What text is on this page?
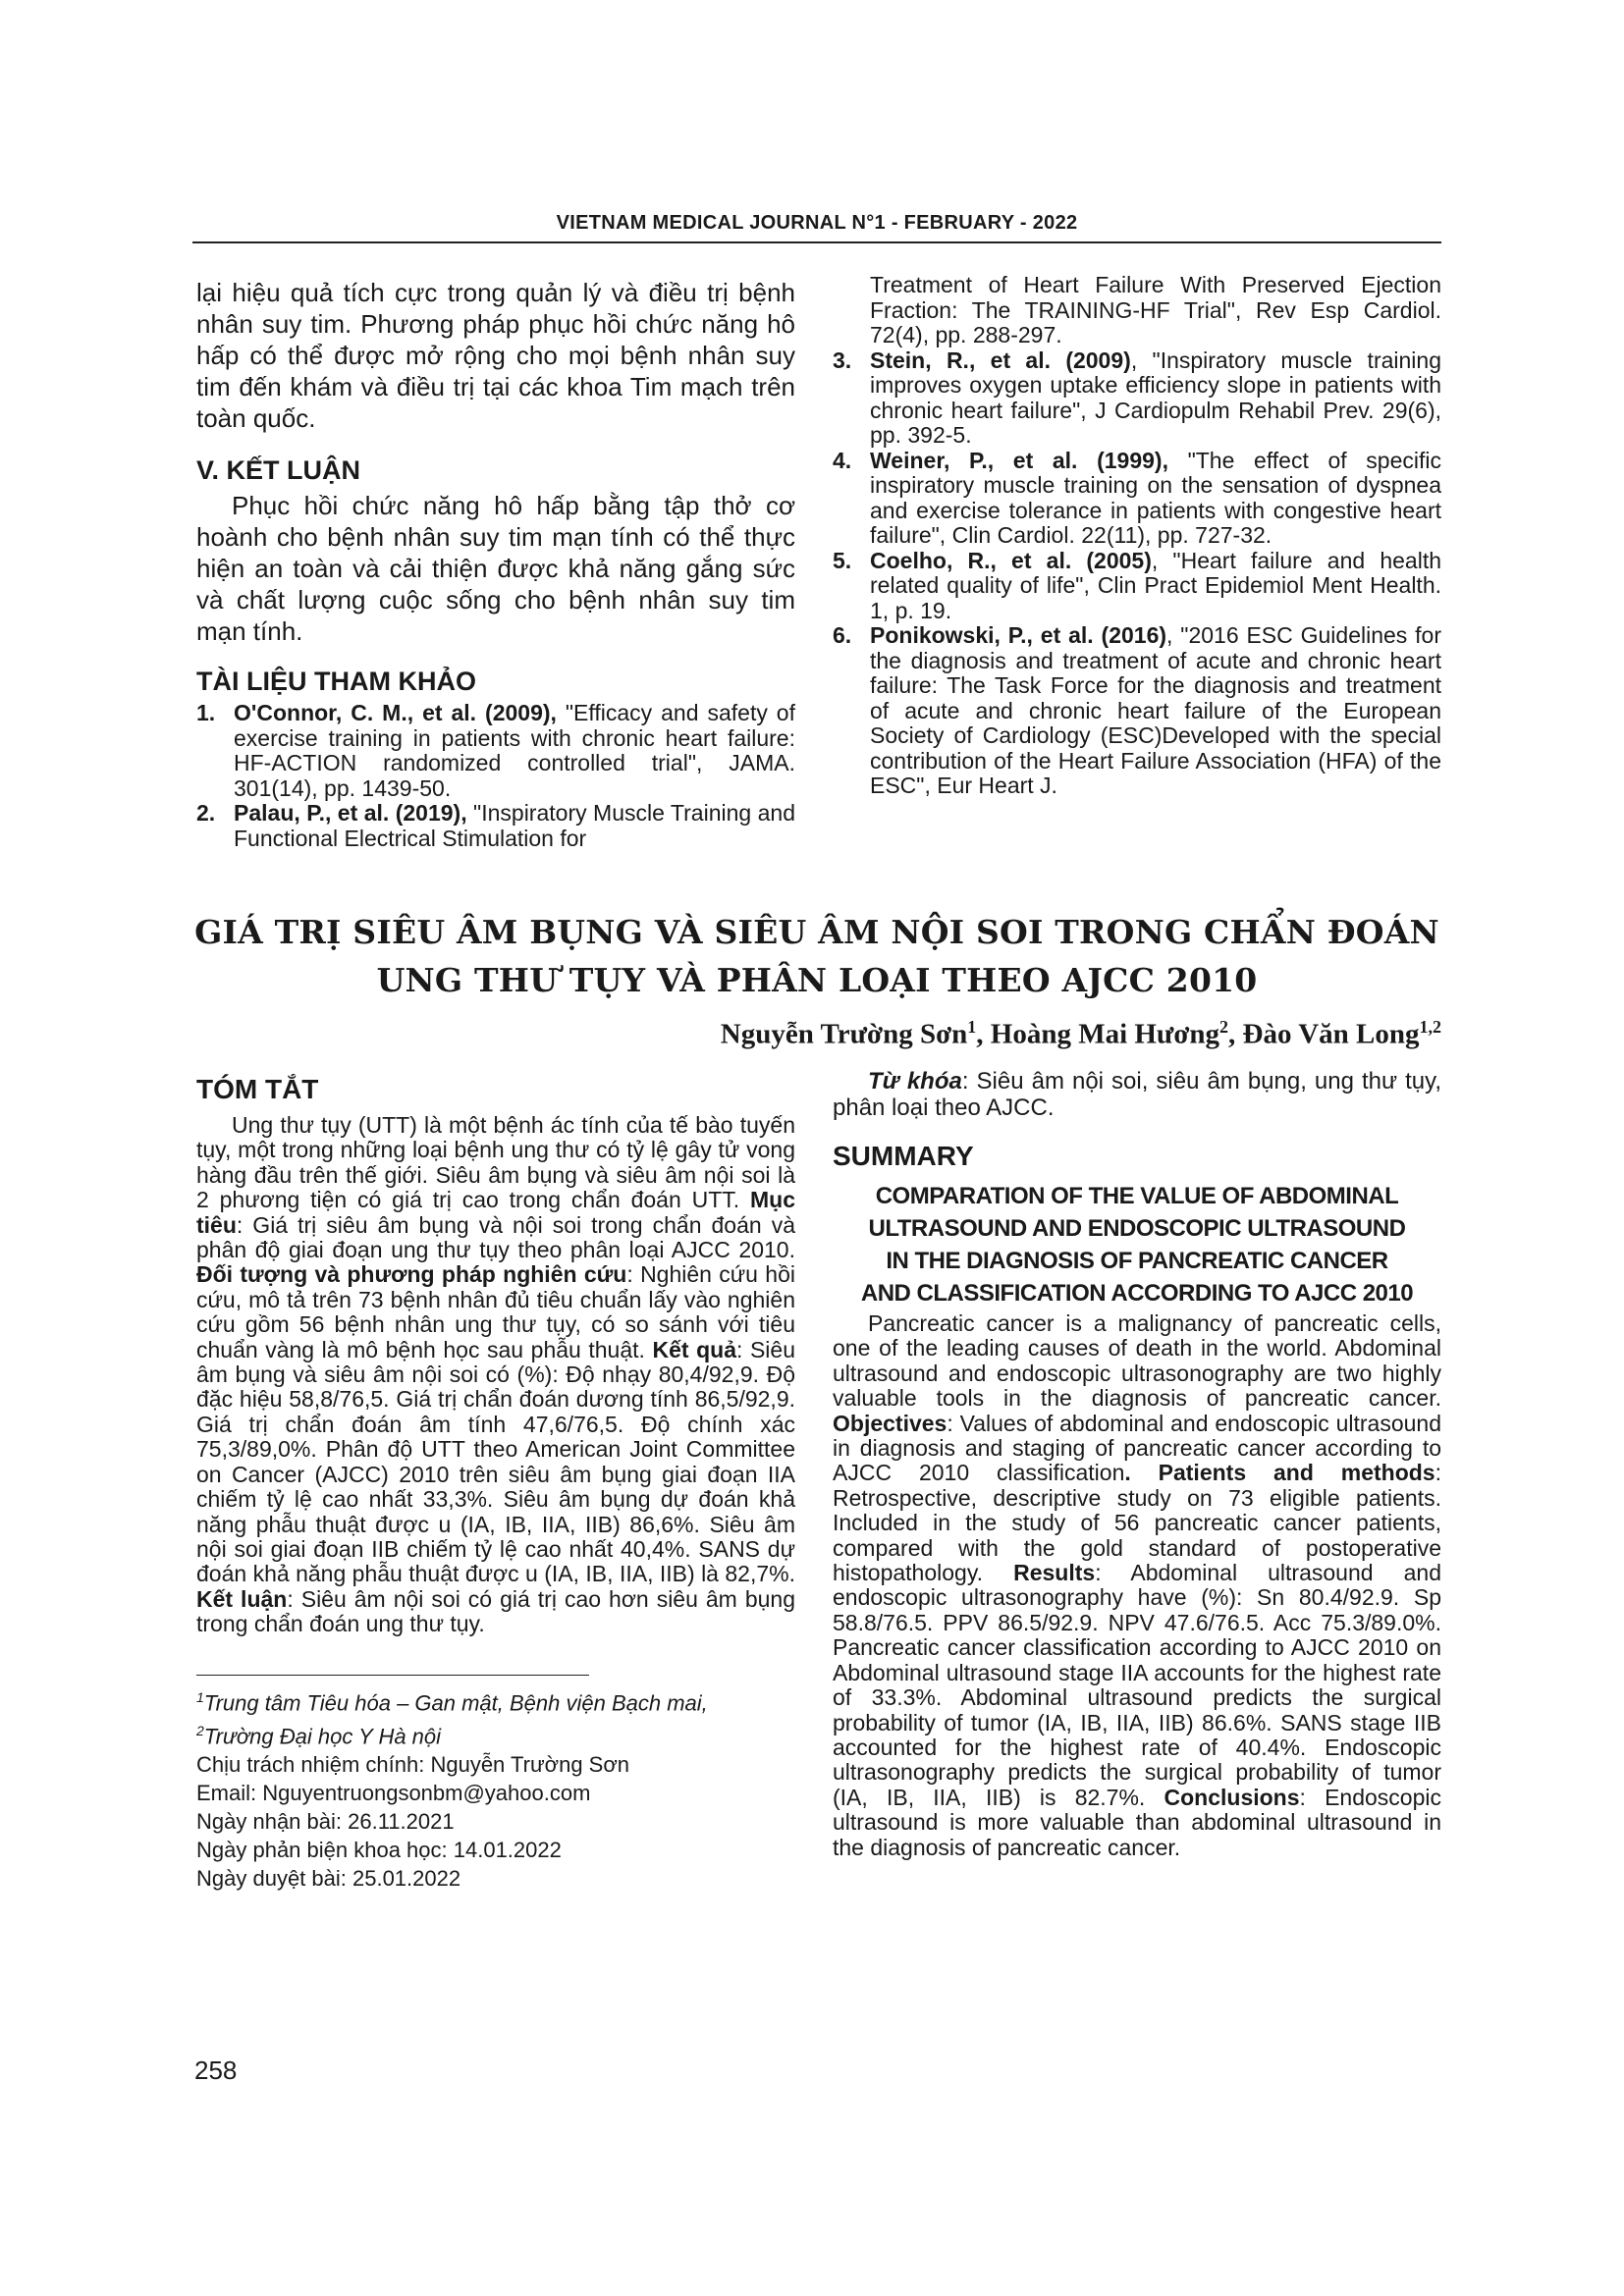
VIETNAM MEDICAL JOURNAL N°1 - FEBRUARY - 2022

lại hiệu quả tích cực trong quản lý và điều trị bệnh nhân suy tim. Phương pháp phục hồi chức năng hô hấp có thể được mở rộng cho mọi bệnh nhân suy tim đến khám và điều trị tại các khoa Tim mạch trên toàn quốc.

V. KẾT LUẬN

Phục hồi chức năng hô hấp bằng tập thở cơ hoành cho bệnh nhân suy tim mạn tính có thể thực hiện an toàn và cải thiện được khả năng gắng sức và chất lượng cuộc sống cho bệnh nhân suy tim mạn tính.

TÀI LIỆU THAM KHẢO
1. O'Connor, C. M., et al. (2009), "Efficacy and safety of exercise training in patients with chronic heart failure: HF-ACTION randomized controlled trial", JAMA. 301(14), pp. 1439-50.
2. Palau, P., et al. (2019), "Inspiratory Muscle Training and Functional Electrical Stimulation for
Treatment of Heart Failure With Preserved Ejection Fraction: The TRAINING-HF Trial", Rev Esp Cardiol. 72(4), pp. 288-297.
3. Stein, R., et al. (2009), "Inspiratory muscle training improves oxygen uptake efficiency slope in patients with chronic heart failure", J Cardiopulm Rehabil Prev. 29(6), pp. 392-5.
4. Weiner, P., et al. (1999), "The effect of specific inspiratory muscle training on the sensation of dyspnea and exercise tolerance in patients with congestive heart failure", Clin Cardiol. 22(11), pp. 727-32.
5. Coelho, R., et al. (2005), "Heart failure and health related quality of life", Clin Pract Epidemiol Ment Health. 1, p. 19.
6. Ponikowski, P., et al. (2016), "2016 ESC Guidelines for the diagnosis and treatment of acute and chronic heart failure: The Task Force for the diagnosis and treatment of acute and chronic heart failure of the European Society of Cardiology (ESC)Developed with the special contribution of the Heart Failure Association (HFA) of the ESC", Eur Heart J.
GIÁ TRỊ SIÊU ÂM BỤNG VÀ SIÊU ÂM NỘI SOI TRONG CHẨN ĐOÁN
UNG THƯ TỤY VÀ PHÂN LOẠI THEO AJCC 2010
Nguyễn Trường Sơn$^1$, Hoàng Mai Hương$^2$, Đào Văn Long$^{1,2}$
TÓM TẮT

Ung thư tụy (UTT) là một bệnh ác tính của tế bào tuyến tụy, một trong những loại bệnh ung thư có tỷ lệ gây tử vong hàng đầu trên thế giới. Siêu âm bụng và siêu âm nội soi là 2 phương tiện có giá trị cao trong chẩn đoán UTT. Mục tiêu: Giá trị siêu âm bụng và nội soi trong chẩn đoán và phân độ giai đoạn ung thư tụy theo phân loại AJCC 2010. Đối tượng và phương pháp nghiên cứu: Nghiên cứu hồi cứu, mô tả trên 73 bệnh nhân đủ tiêu chuẩn lấy vào nghiên cứu gồm 56 bệnh nhân ung thư tụy, có so sánh với tiêu chuẩn vàng là mô bệnh học sau phẫu thuật. Kết quả: Siêu âm bụng và siêu âm nội soi có (%): Độ nhạy 80,4/92,9. Độ đặc hiệu 58,8/76,5. Giá trị chẩn đoán dương tính 86,5/92,9. Giá trị chẩn đoán âm tính 47,6/76,5. Độ chính xác 75,3/89,0%. Phân độ UTT theo American Joint Committee on Cancer (AJCC) 2010 trên siêu âm bụng giai đoạn IIA chiếm tỷ lệ cao nhất 33,3%. Siêu âm bụng dự đoán khả năng phẫu thuật được u (IA, IB, IIA, IIB) 86,6%. Siêu âm nội soi giai đoạn IIB chiếm tỷ lệ cao nhất 40,4%. SANS dự đoán khả năng phẫu thuật được u (IA, IB, IIA, IIB) là 82,7%. Kết luận: Siêu âm nội soi có giá trị cao hơn siêu âm bụng trong chẩn đoán ung thư tụy.

$^1$Trung tâm Tiêu hóa – Gan mật, Bệnh viện Bạch mai,

$^2$Trường Đại học Y Hà nội

Chịu trách nhiệm chính: Nguyễn Trường Sơn

Email: Nguyentruongsonbm@yahoo.com

Ngày nhận bài: 26.11.2021

Ngày phản biện khoa học: 14.01.2022

Ngày duyệt bài: 25.01.2022

Từ khóa: Siêu âm nội soi, siêu âm bụng, ung thư tụy, phân loại theo AJCC.

SUMMARY
COMPARATION OF THE VALUE OF ABDOMINAL
ULTRASOUND AND ENDOSCOPIC ULTRASOUND
IN THE DIAGNOSIS OF PANCREATIC CANCER
AND CLASSIFICATION ACCORDING TO AJCC 2010

Pancreatic cancer is a malignancy of pancreatic cells, one of the leading causes of death in the world. Abdominal ultrasound and endoscopic ultrasonography are two highly valuable tools in the diagnosis of pancreatic cancer. Objectives: Values of abdominal and endoscopic ultrasound in diagnosis and staging of pancreatic cancer according to AJCC 2010 classification. Patients and methods: Retrospective, descriptive study on 73 eligible patients. Included in the study of 56 pancreatic cancer patients, compared with the gold standard of postoperative histopathology. Results: Abdominal ultrasound and endoscopic ultrasonography have (%): Sn 80.4/92.9. Sp 58.8/76.5. PPV 86.5/92.9. NPV 47.6/76.5. Acc 75.3/89.0%. Pancreatic cancer classification according to AJCC 2010 on Abdominal ultrasound stage IIA accounts for the highest rate of 33.3%. Abdominal ultrasound predicts the surgical probability of tumor (IA, IB, IIA, IIB) 86.6%. SANS stage IIB accounted for the highest rate of 40.4%. Endoscopic ultrasonography predicts the surgical probability of tumor (IA, IB, IIA, IIB) is 82.7%. Conclusions: Endoscopic ultrasound is more valuable than abdominal ultrasound in the diagnosis of pancreatic cancer.

258
